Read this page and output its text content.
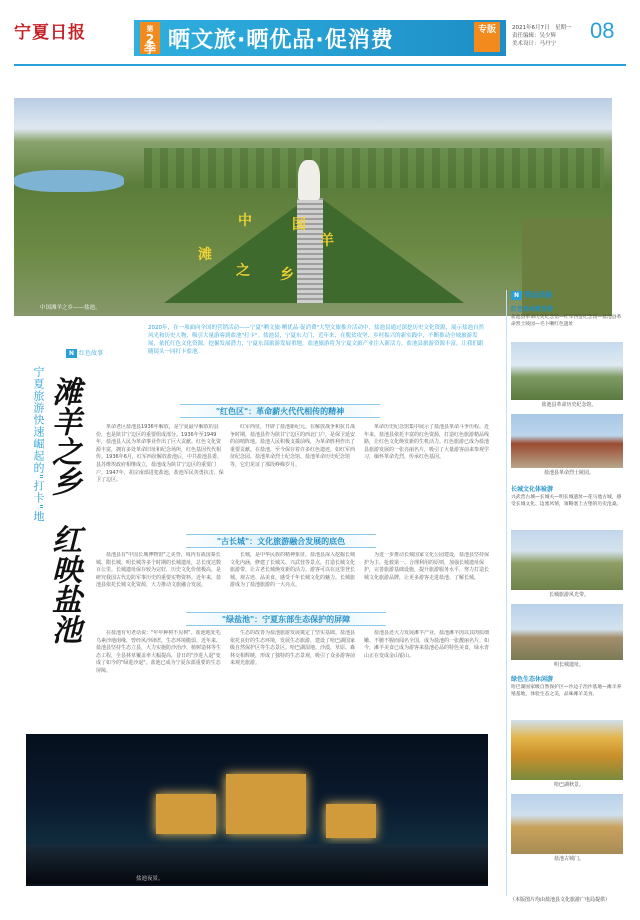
宁夏日报	第
2季 晒文旅·晒优品·促消费	专版	2021年6月7日　星期一
责任编辑：吴少辉
美术设计：马丹宁
08
中	国
滩
羊
之 乡
中国滩羊之乡——盐池。
N 红色故事
2020年，在一项面向全国的营销活动——宁夏"晒文旅·晒优品·促消费"大型文旅推介活动中，盐池县通过深挖历史文化资源，展示盐池自然风光和历史人物，吸引大量游客到盐池"打卡"。盐池县，宁夏东大门，近年来，在脱贫攻坚、乡村振兴的新实践中，不断推动全域旅游发展，依托红色文化资源，挖掘发展潜力，宁夏东部旅游发展重地，盐池旅游将为宁夏文旅产业注入新活力。盐池县旅游资源丰富，让我们跟随镜头一同打卡盐池。
宁夏旅游快速崛起的"打卡"地 滩羊之乡
红映盐池
"红色区"：革命薪火代代相传的精神
革命老区盐池县1936年解放，是宁夏最早解放的县份，也是陕甘宁边区的重要组成部分。1936年至1949年，盐池县人民为革命事业作出了巨大贡献。红色文化资源丰富，拥有多处革命旧址和纪念场所，红色基因代代相传。1936年6月，红军西征解放盐池后，中共盐池县委、县苏维埃政府相继成立，盐池成为陕甘宁边区的重要门户。1947年，胡宗南部进犯盐池，盐池军民英勇抗击，保卫了边区。
红军西征，开辟了盐池新纪元。在解放战争和抗日战争时期，盐池县作为陕甘宁边区的西北门户，是保卫延安的前哨阵地。盐池人民积极支援前线，为革命胜利作出了重要贡献。在盐池，至今保存着许多红色遗迹，如红军西征纪念园、盐池革命烈士纪念馆、盐池革命历史纪念馆等，它们见证了那段峥嵘岁月。
革命历史纪念馆集中展示了盐池县革命斗争历程。近年来，盐池县依托丰富的红色资源，打造红色旅游精品线路，让红色文化焕发新的生机活力。红色旅游已成为盐池县旅游发展的一张亮丽名片，吸引了大量游客前来参观学习，缅怀革命先烈，传承红色基因。
"古长城"：文化旅游融合发展的底色
盐池县有"中国长城博物馆"之美誉，境内有战国秦长城、隋长城、明长城等多个时期的长城遗址，总长度达数百公里。长城遗址保存较为完好，历史文化价值极高，是研究我国古代边防军事历史的重要实物资料。近年来，盐池县依托长城文化资源，大力推动文旅融合发展。
长城，是中华民族的精神象征。盐池县深入挖掘长城文化内涵，修建了长城关、兴武营等景点，打造长城文化旅游带，让古老长城焕发新的活力。游客可以在这里登长城、观古迹、品美食，感受千年长城文化的魅力。长城旅游成为了盐池旅游的一大亮点。
为进一步推动长城国家文化公园建设，盐池县坚持保护为主、抢救第一、合理利用的原则，加强长城遗址保护，完善旅游基础设施，提升旅游服务水平，努力打造长城文化旅游品牌，让更多游客走进盐池、了解长城。
"绿盐池"：宁夏东部生态保护的屏障
在盐池有句老话说："年年种树不见树"。盐池地处毛乌素沙地南缘，曾经风沙肆虐，生态环境脆弱。近年来，盐池县坚持生态立县，大力实施防沙治沙、植树造林等生态工程，全县林草覆盖率大幅提高，昔日的"沙进人退"变成了如今的"绿进沙退"。盐池已成为宁夏东部重要的生态屏障。
生态的改善为盐池旅游发展奠定了坚实基础。盐池县依托良好的生态环境，发展生态旅游，建设了哈巴湖国家级自然保护区等生态景区。哈巴湖湿地、沙漠、草原、森林交相辉映，形成了独特的生态景观，吸引了众多游客前来观光旅游。
盐池县还大力发展滩羊产业，盐池滩羊肉以其肉质细嫩、不膻不腥而闻名全国，成为盐池的一张靓丽名片。如今，滩羊美食已成为游客来盐池必品的特色美食，绿水青山正在变成金山银山。
盐池夜景。
N 精品线路
红色革命教育游
盐池县革命历史纪念馆—红军西征纪念园—盐池县革命烈士陵园—毛卜喇红色遗址
盐池县革命历史纪念馆。
盐池县革命烈士陵园。
长城文化体验游
兴武营古城—长城关—明长城遗址—花马池古城，感受长城文化、边塞风情，领略塞上古堡的历史沧桑。
长城旅游风光带。
明长城遗址。
绿色生态休闲游
哈巴湖国家级自然保护区—沙边子治沙基地—滩羊养殖基地，体验生态之美，品味滩羊美食。
哈巴湖秋景。
盐池古城门。
（本版图片均由盐池县文化旅游广电局提供）
